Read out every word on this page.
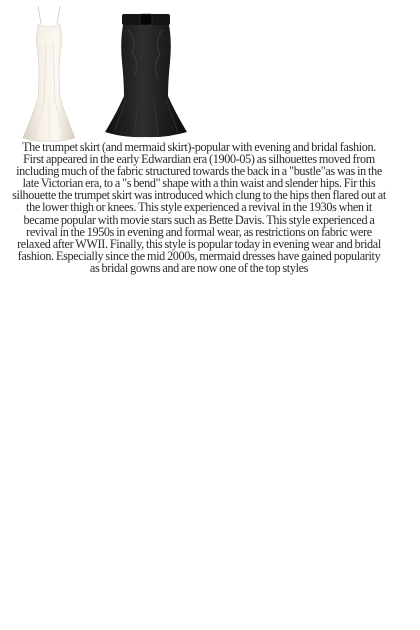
The trumpet skirt (and mermaid skirt)-popular with evening and bridal fashion. First appeared in the early Edwardian era (1900-05) as silhouettes moved from including much of the fabric structured towards the back in a "bustle"as was in the late Victorian era, to a "s bend" shape with a thin waist and slender hips. Fir this silhouette the trumpet skirt was introduced which clung to the hips then flared out at the lower thigh or knees. This style experienced a revival in the 1930s when it became popular with movie stars such as Bette Davis. This style experienced a revival in the 1950s in evening and formal wear, as restrictions on fabric were relaxed after WWII. Finally, this style is popular today in evening wear and bridal fashion. Especially since the mid 2000s, mermaid dresses have gained popularity as bridal gowns and are now one of the top styles
